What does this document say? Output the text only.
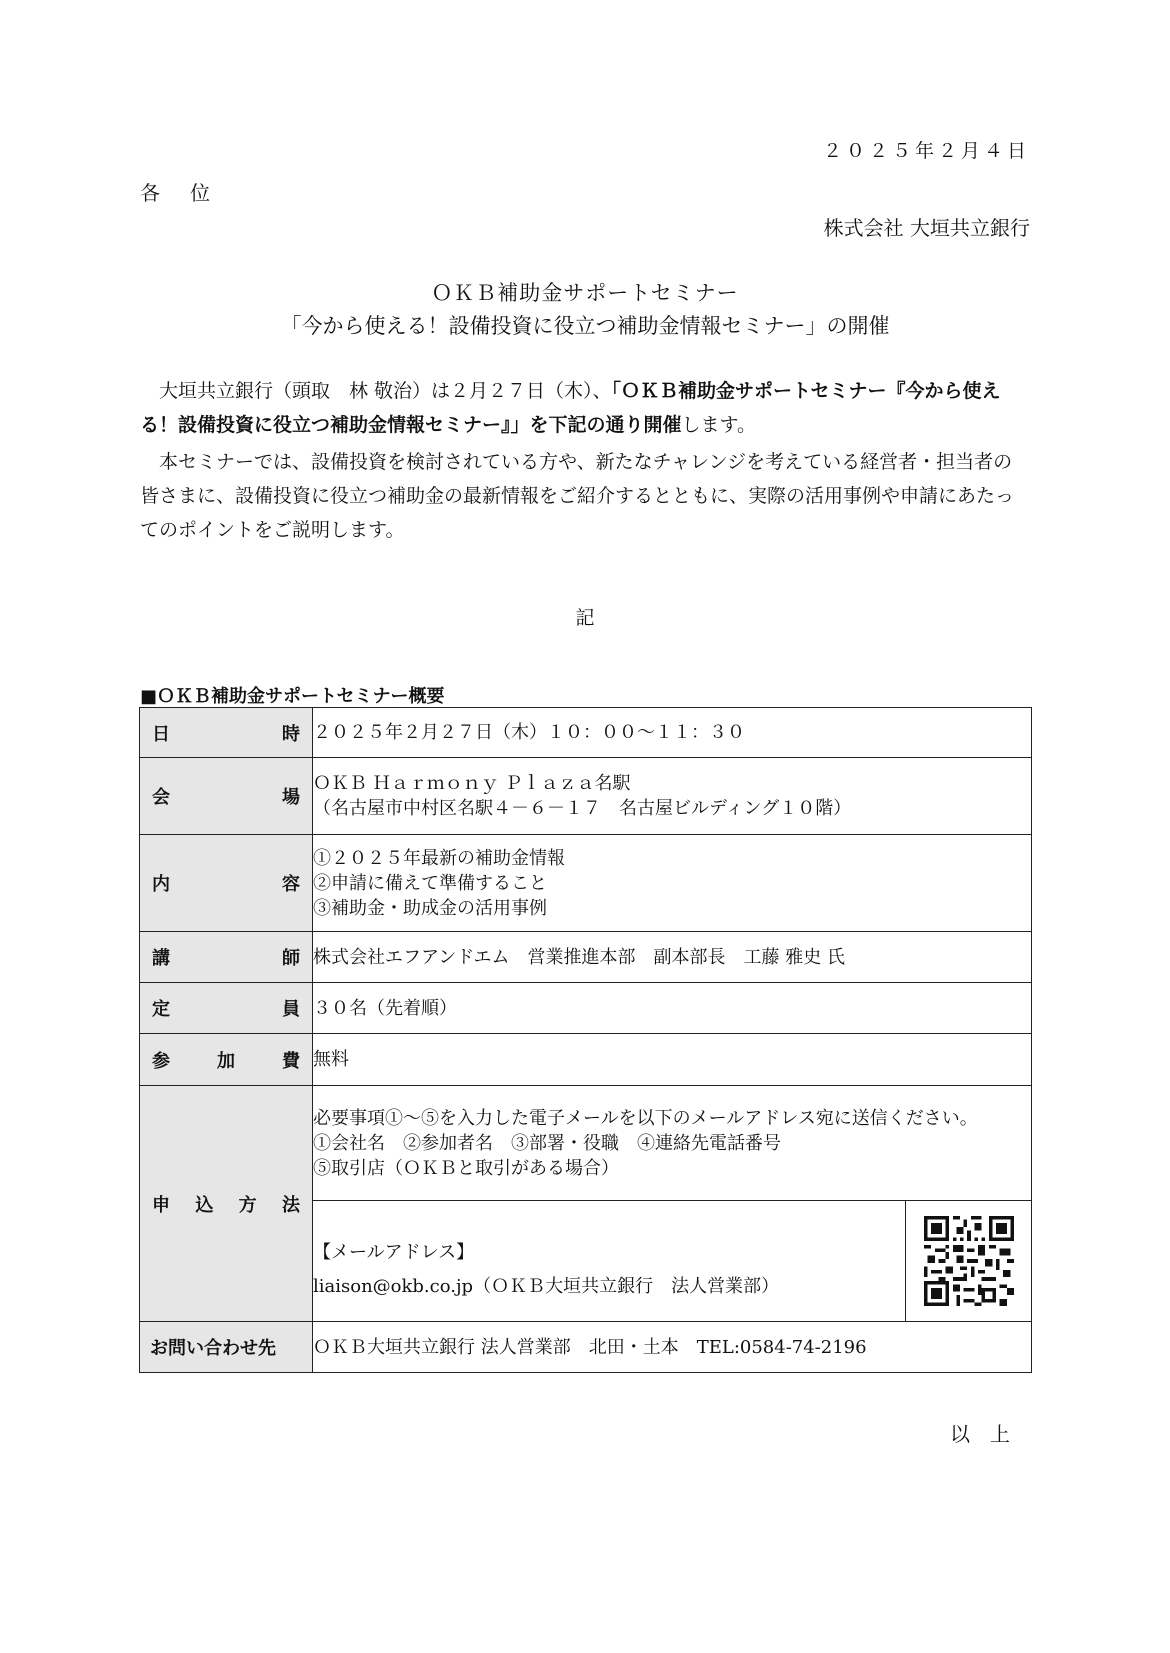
２０２５年２月４日
各位
株式会社 大垣共立銀行
ＯＫＢ補助金サポートセミナー
「今から使える！設備投資に役立つ補助金情報セミナー」の開催
　大垣共立銀行（頭取　林 敬治）は２月２７日（木）、「ＯＫＢ補助金サポートセミナー『今から使える！設備投資に役立つ補助金情報セミナー』」を下記の通り開催します。
　本セミナーでは、設備投資を検討されている方や、新たなチャレンジを考えている経営者・担当者の皆さまに、設備投資に役立つ補助金の最新情報をご紹介するとともに、実際の活用事例や申請にあたってのポイントをご説明します。
記
■ＯＫＢ補助金サポートセミナー概要
日 時	２０２５年２月２７日（木）１０：００～１１：３０	

会 場	ＯＫＢ Ｈａｒｍｏｎｙ Ｐｌａｚａ名駅
（名古屋市中村区名駅４－６－１７　名古屋ビルディング１０階）	

内 容	①２０２５年最新の補助金情報
②申請に備えて準備すること
③補助金・助成金の活用事例	

講 師	株式会社エフアンドエム　営業推進本部　副本部長　工藤 雅史 氏	

定 員	３０名（先着順）	

参 加 費	無料	

申 込 方 法	必要事項①～⑤を入力した電子メールを以下のメールアドレス宛に送信ください。
①会社名　②参加者名　③部署・役職　④連絡先電話番号
⑤取引店（ＯＫＢと取引がある場合）	

	【メールアドレス】
liaison@okb.co.jp（ＯＫＢ大垣共立銀行　法人営業部）

お問い合わせ先	ＯＫＢ大垣共立銀行 法人営業部　北田・土本　TEL:0584-74-2196	
以上
